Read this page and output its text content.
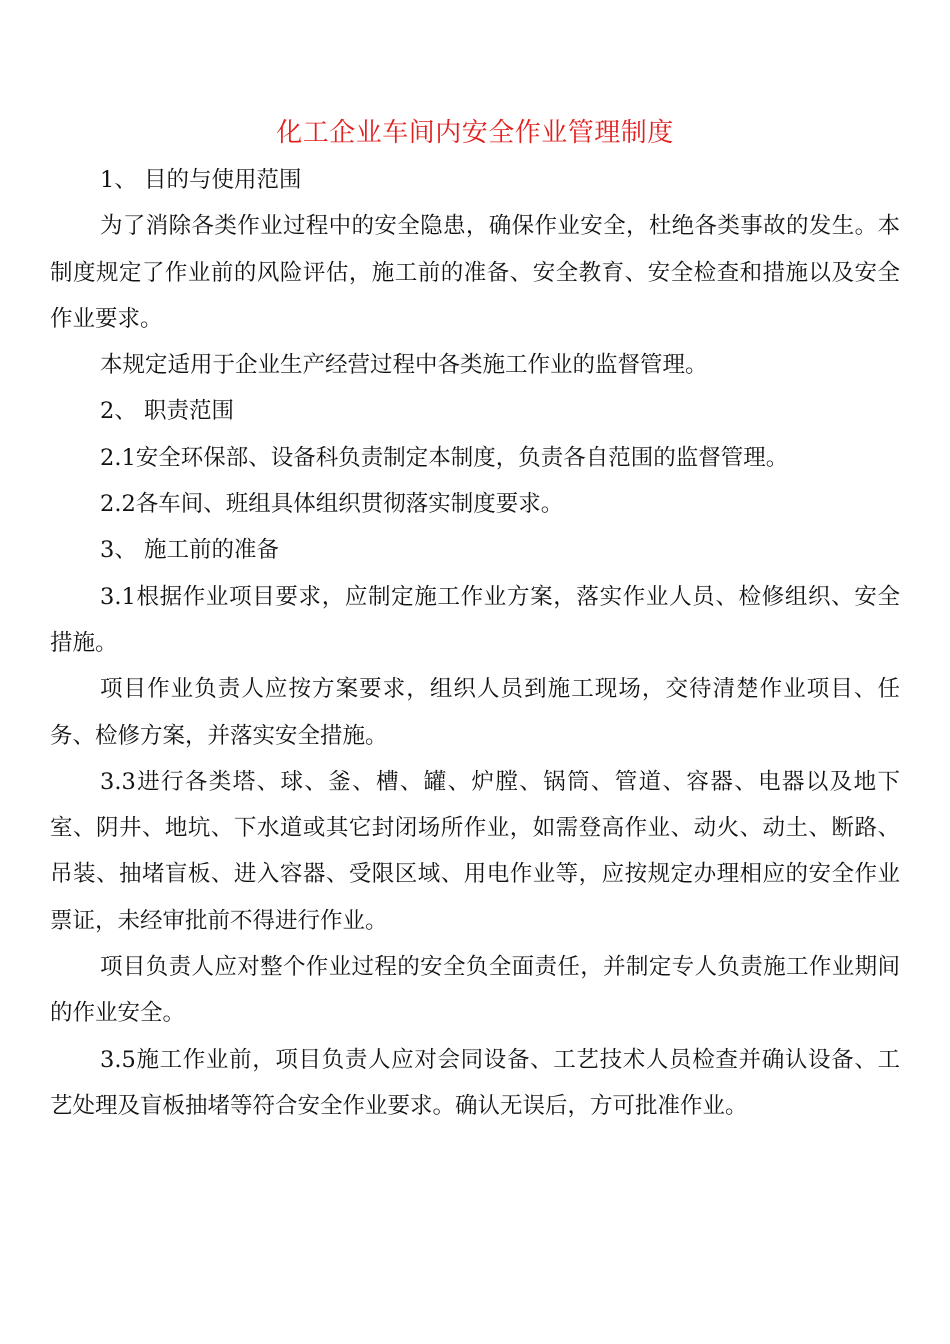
化工企业车间内安全作业管理制度

1、 目的与使用范围

为了消除各类作业过程中的安全隐患，确保作业安全，杜绝各类事故的发生。本制度规定了作业前的风险评估，施工前的准备、安全教育、安全检查和措施以及安全作业要求。

本规定适用于企业生产经营过程中各类施工作业的监督管理。

2、 职责范围

2.1安全环保部、设备科负责制定本制度，负责各自范围的监督管理。

2.2各车间、班组具体组织贯彻落实制度要求。

3、 施工前的准备

3.1根据作业项目要求，应制定施工作业方案，落实作业人员、检修组织、安全措施。

项目作业负责人应按方案要求，组织人员到施工现场，交待清楚作业项目、任务、检修方案，并落实安全措施。

3.3进行各类塔、球、釜、槽、罐、炉膛、锅筒、管道、容器、电器以及地下室、阴井、地坑、下水道或其它封闭场所作业，如需登高作业、动火、动土、断路、吊装、抽堵盲板、进入容器、受限区域、用电作业等，应按规定办理相应的安全作业票证，未经审批前不得进行作业。

项目负责人应对整个作业过程的安全负全面责任，并制定专人负责施工作业期间的作业安全。

3.5施工作业前，项目负责人应对会同设备、工艺技术人员检查并确认设备、工艺处理及盲板抽堵等符合安全作业要求。确认无误后，方可批准作业。
